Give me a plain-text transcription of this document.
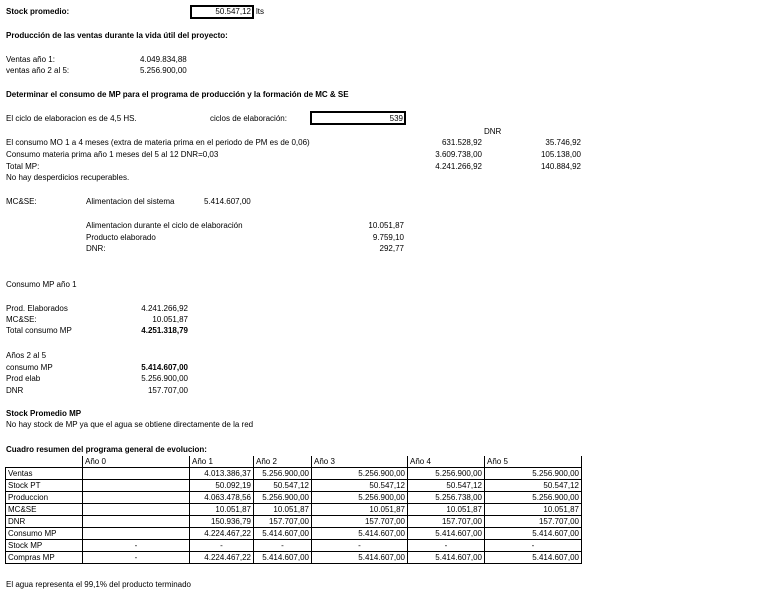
Stock promedio:	50.547,12 lts
Producción de las ventas durante la vida útil del proyecto:
Ventas año 1:	4.049.834,88
ventas año 2 al 5:	5.256.900,00
Determinar el consumo de MP para el programa de producción y la formación de MC & SE
El ciclo de elaboracion es de 4,5 HS.	ciclos de elaboración:	539
DNR
El consumo MO 1 a 4 meses (extra de materia prima en el periodo de PM es de 0,06)	631.528,92	35.746,92
Consumo materia prima año 1 meses del 5 al 12 DNR=0,03	3.609.738,00	105.138,00
Total MP:	4.241.266,92	140.884,92
No hay desperdicios recuperables.
MC&SE:	Alimentacion del sistema	5.414.607,00
Alimentacion durante el ciclo de elaboración	10.051,87
Producto elaborado	9.759,10
DNR:	292,77
Consumo MP año 1
Prod. Elaborados	4.241.266,92
MC&SE:	10.051,87
Total consumo MP	4.251.318,79
Años 2 al 5
consumo MP	5.414.607,00
Prod elab	5.256.900,00
DNR	157.707,00
Stock Promedio MP
No hay stock de MP ya que el agua se obtiene directamente de la red
Cuadro resumen del programa general de evolucion:
	Año 0	Año 1	Año 2	Año 3	Año 4	Año 5
Ventas		4.013.386,37	5.256.900,00	5.256.900,00	5.256.900,00	5.256.900,00
Stock PT		50.092,19	50.547,12	50.547,12	50.547,12	50.547,12
Produccion		4.063.478,56	5.256.900,00	5.256.900,00	5.256.738,00	5.256.900,00
MC&SE		10.051,87	10.051,87	10.051,87	10.051,87	10.051,87
DNR		150.936,79	157.707,00	157.707,00	157.707,00	157.707,00
Consumo MP		4.224.467,22	5.414.607,00	5.414.607,00	5.414.607,00	5.414.607,00
Stock MP	-	-	-	-	-	-
Compras MP	-	4.224.467,22	5.414.607,00	5.414.607,00	5.414.607,00	5.414.607,00
El agua representa el 99,1% del producto terminado
